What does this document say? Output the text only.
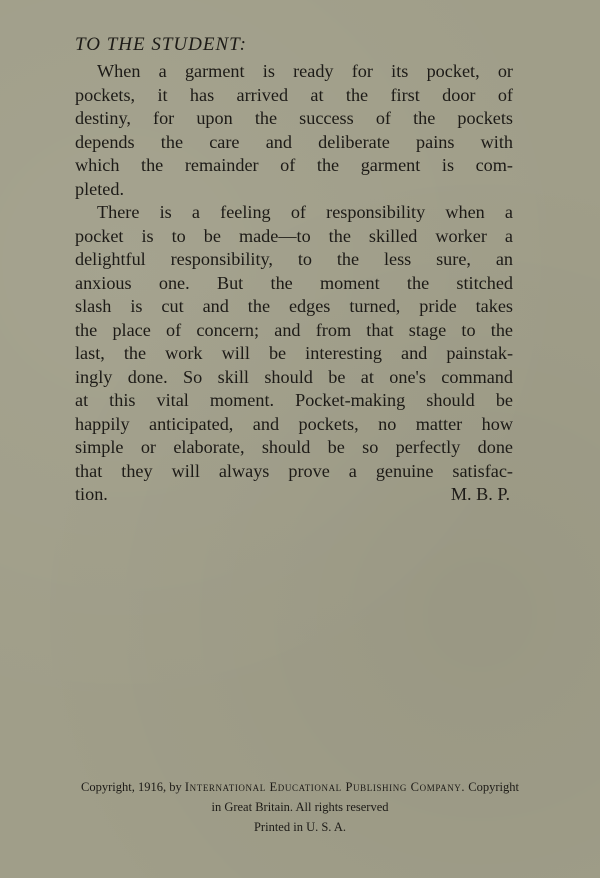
TO THE STUDENT:
When a garment is ready for its pocket, or
pockets, it has arrived at the first door of
destiny, for upon the success of the pockets
depends the care and deliberate pains with
which the remainder of the garment is com-
pleted.
There is a feeling of responsibility when a
pocket is to be made—to the skilled worker a
delightful responsibility, to the less sure, an
anxious one. But the moment the stitched
slash is cut and the edges turned, pride takes
the place of concern; and from that stage to the
last, the work will be interesting and painstak-
ingly done. So skill should be at one's command
at this vital moment. Pocket-making should be
happily anticipated, and pockets, no matter how
simple or elaborate, should be so perfectly done
that they will always prove a genuine satisfac-
tion.	M. B. P.
Copyright, 1916, by International Educational Publishing Company. Copyright
in Great Britain. All rights reserved
Printed in U. S. A.
